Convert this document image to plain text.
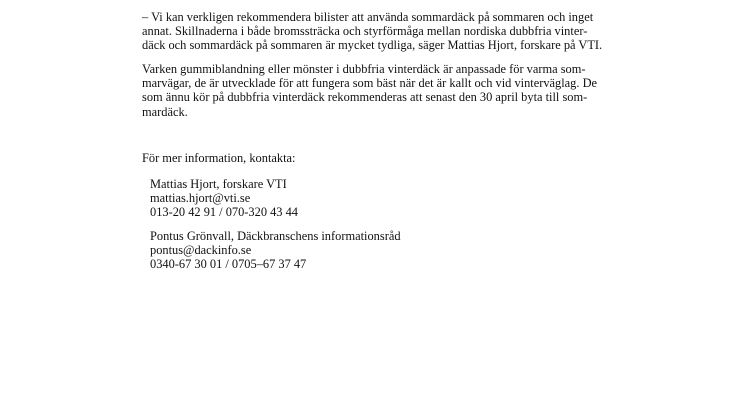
– Vi kan verkligen rekommendera bilister att använda sommardäck på sommaren och inget
annat. Skillnaderna i både bromssträcka och styrförmåga mellan nordiska dubbfria vinter-
däck och sommardäck på sommaren är mycket tydliga, säger Mattias Hjort, forskare på VTI.

Varken gummiblandning eller mönster i dubbfria vinterdäck är anpassade för varma som-
marvägar, de är utvecklade för att fungera som bäst när det är kallt och vid vinterväglag. De
som ännu kör på dubbfria vinterdäck rekommenderas att senast den 30 april byta till som-
mardäck.

För mer information, kontakta:

Mattias Hjort, forskare VTI
mattias.hjort@vti.se
013-20 42 91 / 070-320 43 44
Pontus Grönvall, Däckbranschens informationsråd
pontus@dackinfo.se
0340-67 30 01 / 0705–67 37 47
